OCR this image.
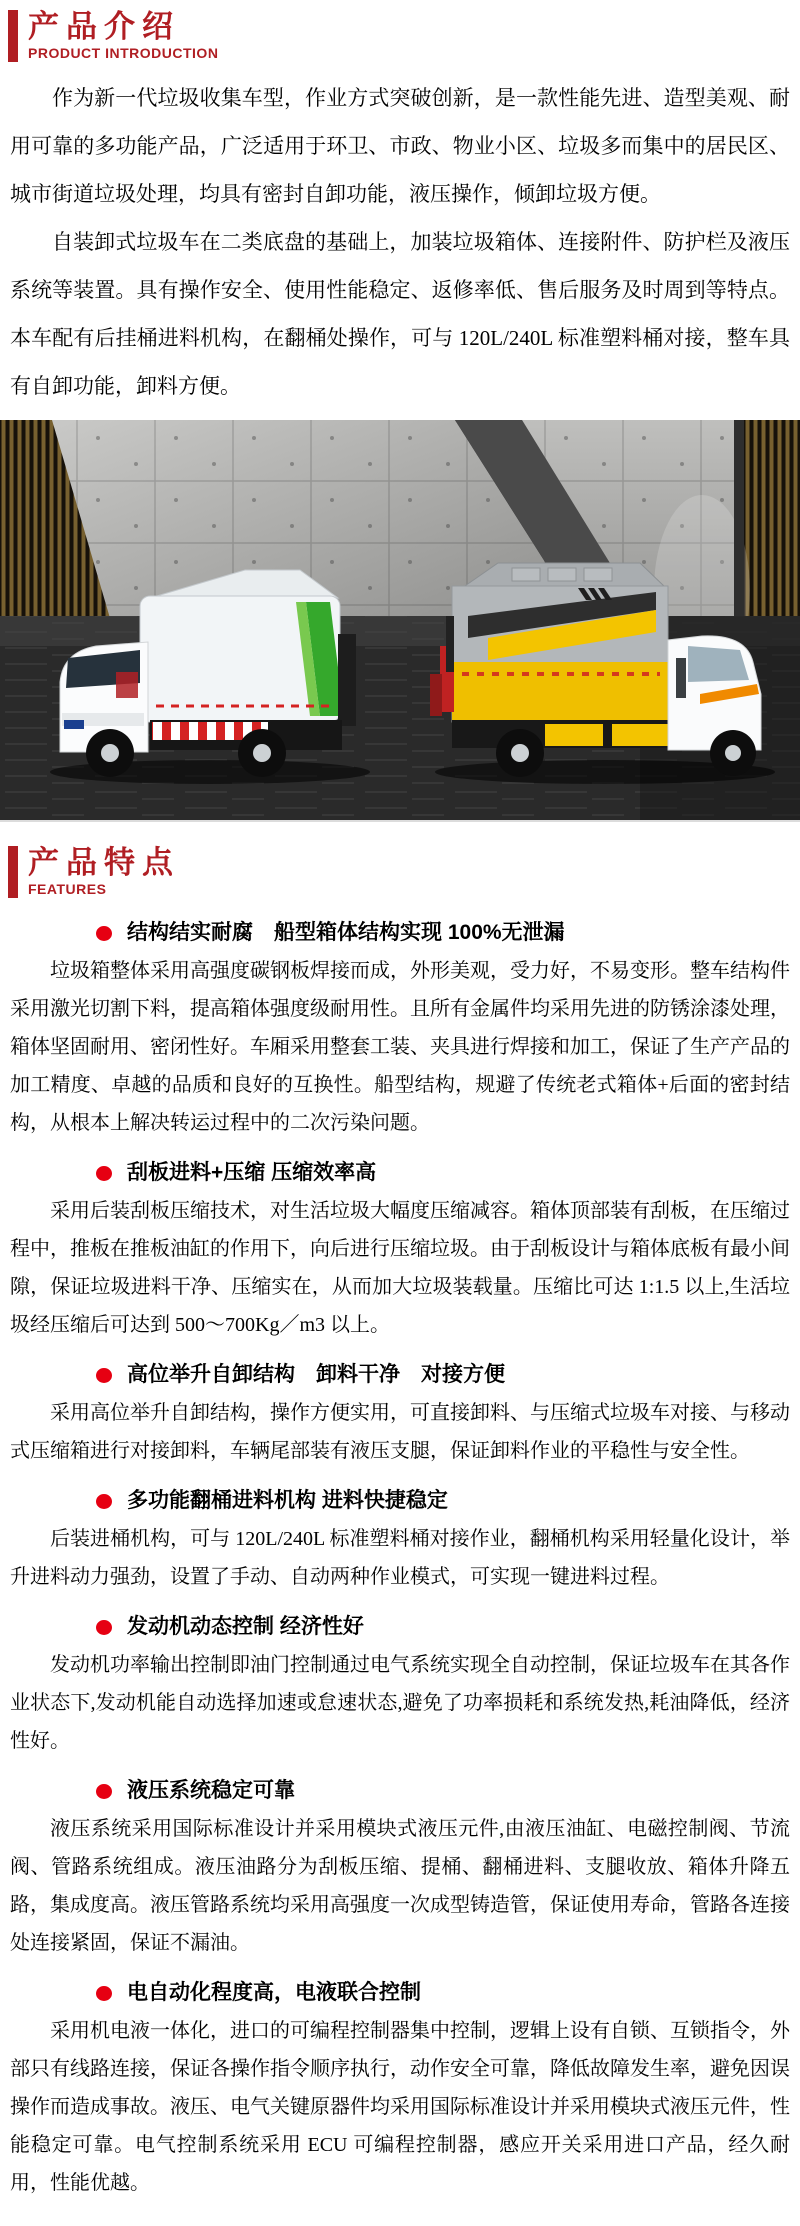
产品介绍
PRODUCT INTRODUCTION

作为新一代垃圾收集车型，作业方式突破创新，是一款性能先进、造型美观、耐用可靠的多功能产品，广泛适用于环卫、市政、物业小区、垃圾多而集中的居民区、城市街道垃圾处理，均具有密封自卸功能，液压操作，倾卸垃圾方便。

自装卸式垃圾车在二类底盘的基础上，加装垃圾箱体、连接附件、防护栏及液压系统等装置。具有操作安全、使用性能稳定、返修率低、售后服务及时周到等特点。本车配有后挂桶进料机构，在翻桶处操作，可与 120L/240L 标准塑料桶对接，整车具有自卸功能，卸料方便。

产品特点
FEATURES
结构结实耐腐　船型箱体结构实现 100%无泄漏

垃圾箱整体采用高强度碳钢板焊接而成，外形美观，受力好，不易变形。整车结构件采用激光切割下料，提高箱体强度级耐用性。且所有金属件均采用先进的防锈涂漆处理，箱体坚固耐用、密闭性好。车厢采用整套工装、夹具进行焊接和加工，保证了生产产品的加工精度、卓越的品质和良好的互换性。船型结构，规避了传统老式箱体+后面的密封结构，从根本上解决转运过程中的二次污染问题。

刮板进料+压缩 压缩效率高

采用后装刮板压缩技术，对生活垃圾大幅度压缩减容。箱体顶部装有刮板，在压缩过程中，推板在推板油缸的作用下，向后进行压缩垃圾。由于刮板设计与箱体底板有最小间隙，保证垃圾进料干净、压缩实在，从而加大垃圾装载量。压缩比可达 1:1.5 以上,生活垃圾经压缩后可达到 500～700Kg／m3 以上。

高位举升自卸结构　卸料干净　对接方便

采用高位举升自卸结构，操作方便实用，可直接卸料、与压缩式垃圾车对接、与移动式压缩箱进行对接卸料，车辆尾部装有液压支腿，保证卸料作业的平稳性与安全性。

多功能翻桶进料机构 进料快捷稳定

后装进桶机构，可与 120L/240L 标准塑料桶对接作业，翻桶机构采用轻量化设计，举升进料动力强劲，设置了手动、自动两种作业模式，可实现一键进料过程。

发动机动态控制 经济性好

发动机功率输出控制即油门控制通过电气系统实现全自动控制，保证垃圾车在其各作业状态下,发动机能自动选择加速或怠速状态,避免了功率损耗和系统发热,耗油降低，经济性好。

液压系统稳定可靠

液压系统采用国际标准设计并采用模块式液压元件,由液压油缸、电磁控制阀、节流阀、管路系统组成。液压油路分为刮板压缩、提桶、翻桶进料、支腿收放、箱体升降五路，集成度高。液压管路系统均采用高强度一次成型铸造管，保证使用寿命，管路各连接处连接紧固，保证不漏油。

电自动化程度高，电液联合控制

采用机电液一体化，进口的可编程控制器集中控制，逻辑上设有自锁、互锁指令，外部只有线路连接，保证各操作指令顺序执行，动作安全可靠，降低故障发生率，避免因误操作而造成事故。液压、电气关键原器件均采用国际标准设计并采用模块式液压元件，性能稳定可靠。电气控制系统采用 ECU 可编程控制器，感应开关采用进口产品，经久耐用，性能优越。
